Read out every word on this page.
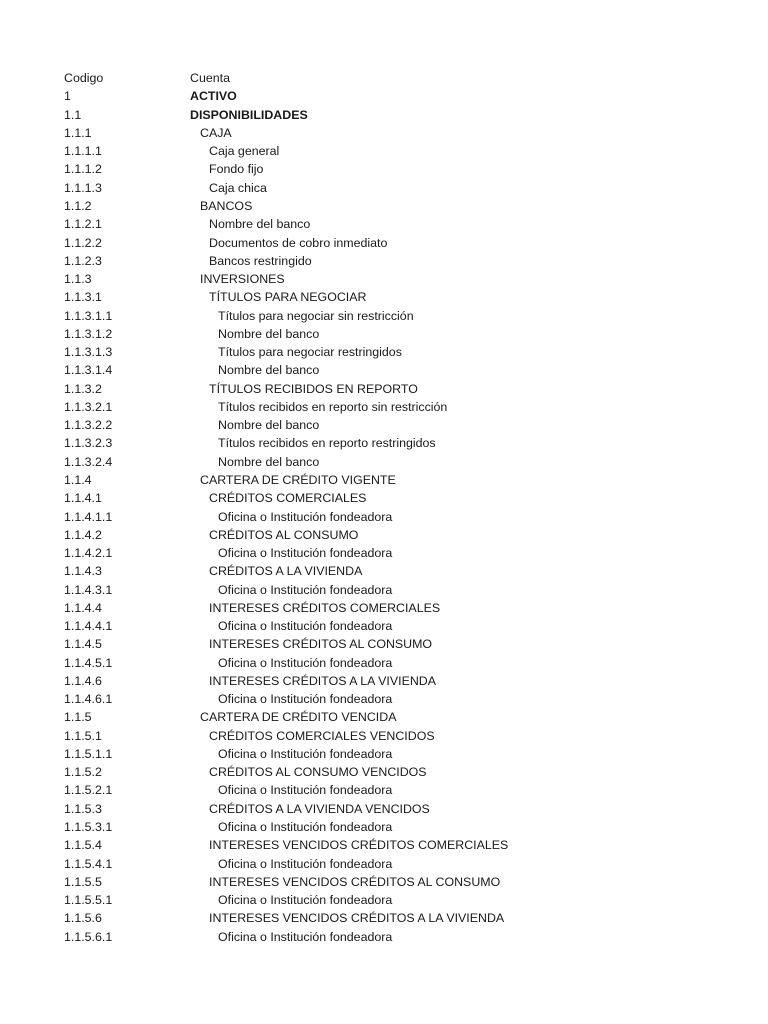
Codigo	Cuenta
1	ACTIVO
1.1	DISPONIBILIDADES
1.1.1	CAJA
1.1.1.1	Caja general
1.1.1.2	Fondo fijo
1.1.1.3	Caja chica
1.1.2	BANCOS
1.1.2.1	Nombre del banco
1.1.2.2	Documentos de cobro inmediato
1.1.2.3	Bancos restringido
1.1.3	INVERSIONES
1.1.3.1	TÍTULOS PARA NEGOCIAR
1.1.3.1.1	Títulos para negociar sin restricción
1.1.3.1.2	Nombre del banco
1.1.3.1.3	Títulos para negociar restringidos
1.1.3.1.4	Nombre del banco
1.1.3.2	TÍTULOS RECIBIDOS EN REPORTO
1.1.3.2.1	Títulos recibidos en reporto sin restricción
1.1.3.2.2	Nombre del banco
1.1.3.2.3	Títulos recibidos en reporto restringidos
1.1.3.2.4	Nombre del banco
1.1.4	CARTERA DE CRÉDITO VIGENTE
1.1.4.1	CRÉDITOS COMERCIALES
1.1.4.1.1	Oficina o Institución fondeadora
1.1.4.2	CRÉDITOS AL CONSUMO
1.1.4.2.1	Oficina o Institución fondeadora
1.1.4.3	CRÉDITOS A LA VIVIENDA
1.1.4.3.1	Oficina o Institución fondeadora
1.1.4.4	INTERESES CRÉDITOS COMERCIALES
1.1.4.4.1	Oficina o Institución fondeadora
1.1.4.5	INTERESES CRÉDITOS AL CONSUMO
1.1.4.5.1	Oficina o Institución fondeadora
1.1.4.6	INTERESES CRÉDITOS A LA VIVIENDA
1.1.4.6.1	Oficina o Institución fondeadora
1.1.5	CARTERA DE CRÉDITO VENCIDA
1.1.5.1	CRÉDITOS COMERCIALES VENCIDOS
1.1.5.1.1	Oficina o Institución fondeadora
1.1.5.2	CRÉDITOS AL CONSUMO VENCIDOS
1.1.5.2.1	Oficina o Institución fondeadora
1.1.5.3	CRÉDITOS A LA VIVIENDA VENCIDOS
1.1.5.3.1	Oficina o Institución fondeadora
1.1.5.4	INTERESES VENCIDOS CRÉDITOS COMERCIALES
1.1.5.4.1	Oficina o Institución fondeadora
1.1.5.5	INTERESES VENCIDOS CRÉDITOS AL CONSUMO
1.1.5.5.1	Oficina o Institución fondeadora
1.1.5.6	INTERESES VENCIDOS CRÉDITOS A LA VIVIENDA
1.1.5.6.1	Oficina o Institución fondeadora
